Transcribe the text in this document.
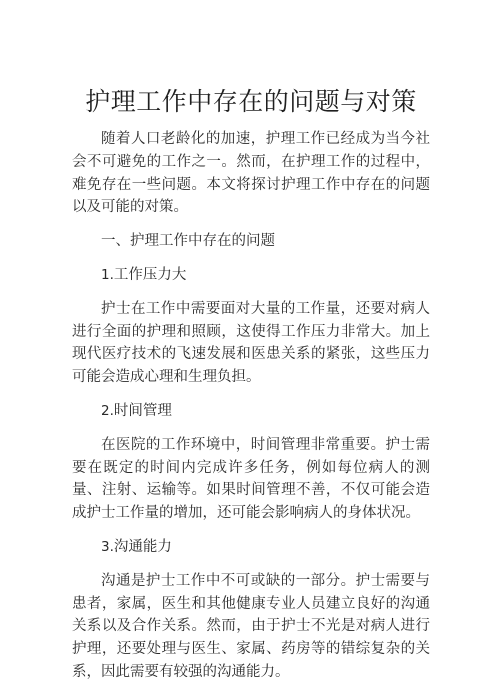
护理工作中存在的问题与对策

随着人口老龄化的加速，护理工作已经成为当今社会不可避免的工作之一。然而，在护理工作的过程中，难免存在一些问题。本文将探讨护理工作中存在的问题以及可能的对策。

一、护理工作中存在的问题

1.工作压力大

护士在工作中需要面对大量的工作量，还要对病人进行全面的护理和照顾，这使得工作压力非常大。加上现代医疗技术的飞速发展和医患关系的紧张，这些压力可能会造成心理和生理负担。

2.时间管理

在医院的工作环境中，时间管理非常重要。护士需要在既定的时间内完成许多任务，例如每位病人的测量、注射、运输等。如果时间管理不善，不仅可能会造成护士工作量的增加，还可能会影响病人的身体状况。

3.沟通能力

沟通是护士工作中不可或缺的一部分。护士需要与患者，家属，医生和其他健康专业人员建立良好的沟通关系以及合作关系。然而，由于护士不光是对病人进行护理，还要处理与医生、家属、药房等的错综复杂的关系，因此需要有较强的沟通能力。
